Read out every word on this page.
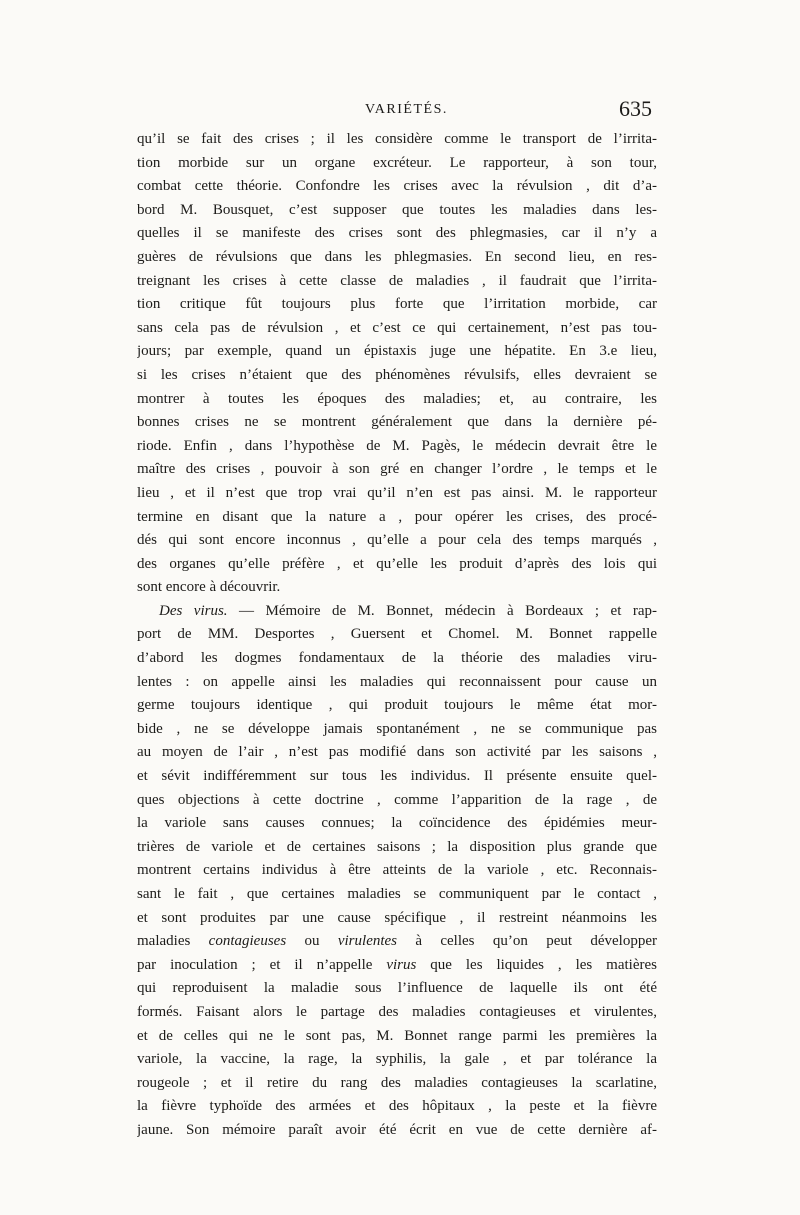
VARIÉTÉS.	635
qu’il se fait des crises ; il les considère comme le transport de l’irrita-
tion morbide sur un organe excréteur. Le rapporteur, à son tour,
combat cette théorie. Confondre les crises avec la révulsion , dit d’a-
bord M. Bousquet, c’est supposer que toutes les maladies dans les-
quelles il se manifeste des crises sont des phlegmasies, car il n’y a
guères de révulsions que dans les phlegmasies. En second lieu, en res-
treignant les crises à cette classe de maladies , il faudrait que l’irrita-
tion critique fût toujours plus forte que l’irritation morbide, car
sans cela pas de révulsion , et c’est ce qui certainement, n’est pas tou-
jours; par exemple, quand un épistaxis juge une hépatite. En 3.e lieu,
si les crises n’étaient que des phénomènes révulsifs, elles devraient se
montrer à toutes les époques des maladies; et, au contraire, les
bonnes crises ne se montrent généralement que dans la dernière pé-
riode. Enfin , dans l’hypothèse de M. Pagès, le médecin devrait être le
maître des crises , pouvoir à son gré en changer l’ordre , le temps et le
lieu , et il n’est que trop vrai qu’il n’en est pas ainsi. M. le rapporteur
termine en disant que la nature a , pour opérer les crises, des procé-
dés qui sont encore inconnus , qu’elle a pour cela des temps marqués ,
des organes qu’elle préfère , et qu’elle les produit d’après des lois qui
sont encore à découvrir.
Des virus. — Mémoire de M. Bonnet, médecin à Bordeaux ; et rap-
port de MM. Desportes , Guersent et Chomel. M. Bonnet rappelle
d’abord les dogmes fondamentaux de la théorie des maladies viru-
lentes : on appelle ainsi les maladies qui reconnaissent pour cause un
germe toujours identique , qui produit toujours le même état mor-
bide , ne se développe jamais spontanément , ne se communique pas
au moyen de l’air , n’est pas modifié dans son activité par les saisons ,
et sévit indifféremment sur tous les individus. Il présente ensuite quel-
ques objections à cette doctrine , comme l’apparition de la rage , de
la variole sans causes connues; la coïncidence des épidémies meur-
trières de variole et de certaines saisons ; la disposition plus grande que
montrent certains individus à être atteints de la variole , etc. Reconnais-
sant le fait , que certaines maladies se communiquent par le contact ,
et sont produites par une cause spécifique , il restreint néanmoins les
maladies contagieuses ou virulentes à celles qu’on peut développer
par inoculation ; et il n’appelle virus que les liquides , les matières
qui reproduisent la maladie sous l’influence de laquelle ils ont été
formés. Faisant alors le partage des maladies contagieuses et virulentes,
et de celles qui ne le sont pas, M. Bonnet range parmi les premières la
variole, la vaccine, la rage, la syphilis, la gale , et par tolérance la
rougeole ; et il retire du rang des maladies contagieuses la scarlatine,
la fièvre typhoïde des armées et des hôpitaux , la peste et la fièvre
jaune. Son mémoire paraît avoir été écrit en vue de cette dernière af-
